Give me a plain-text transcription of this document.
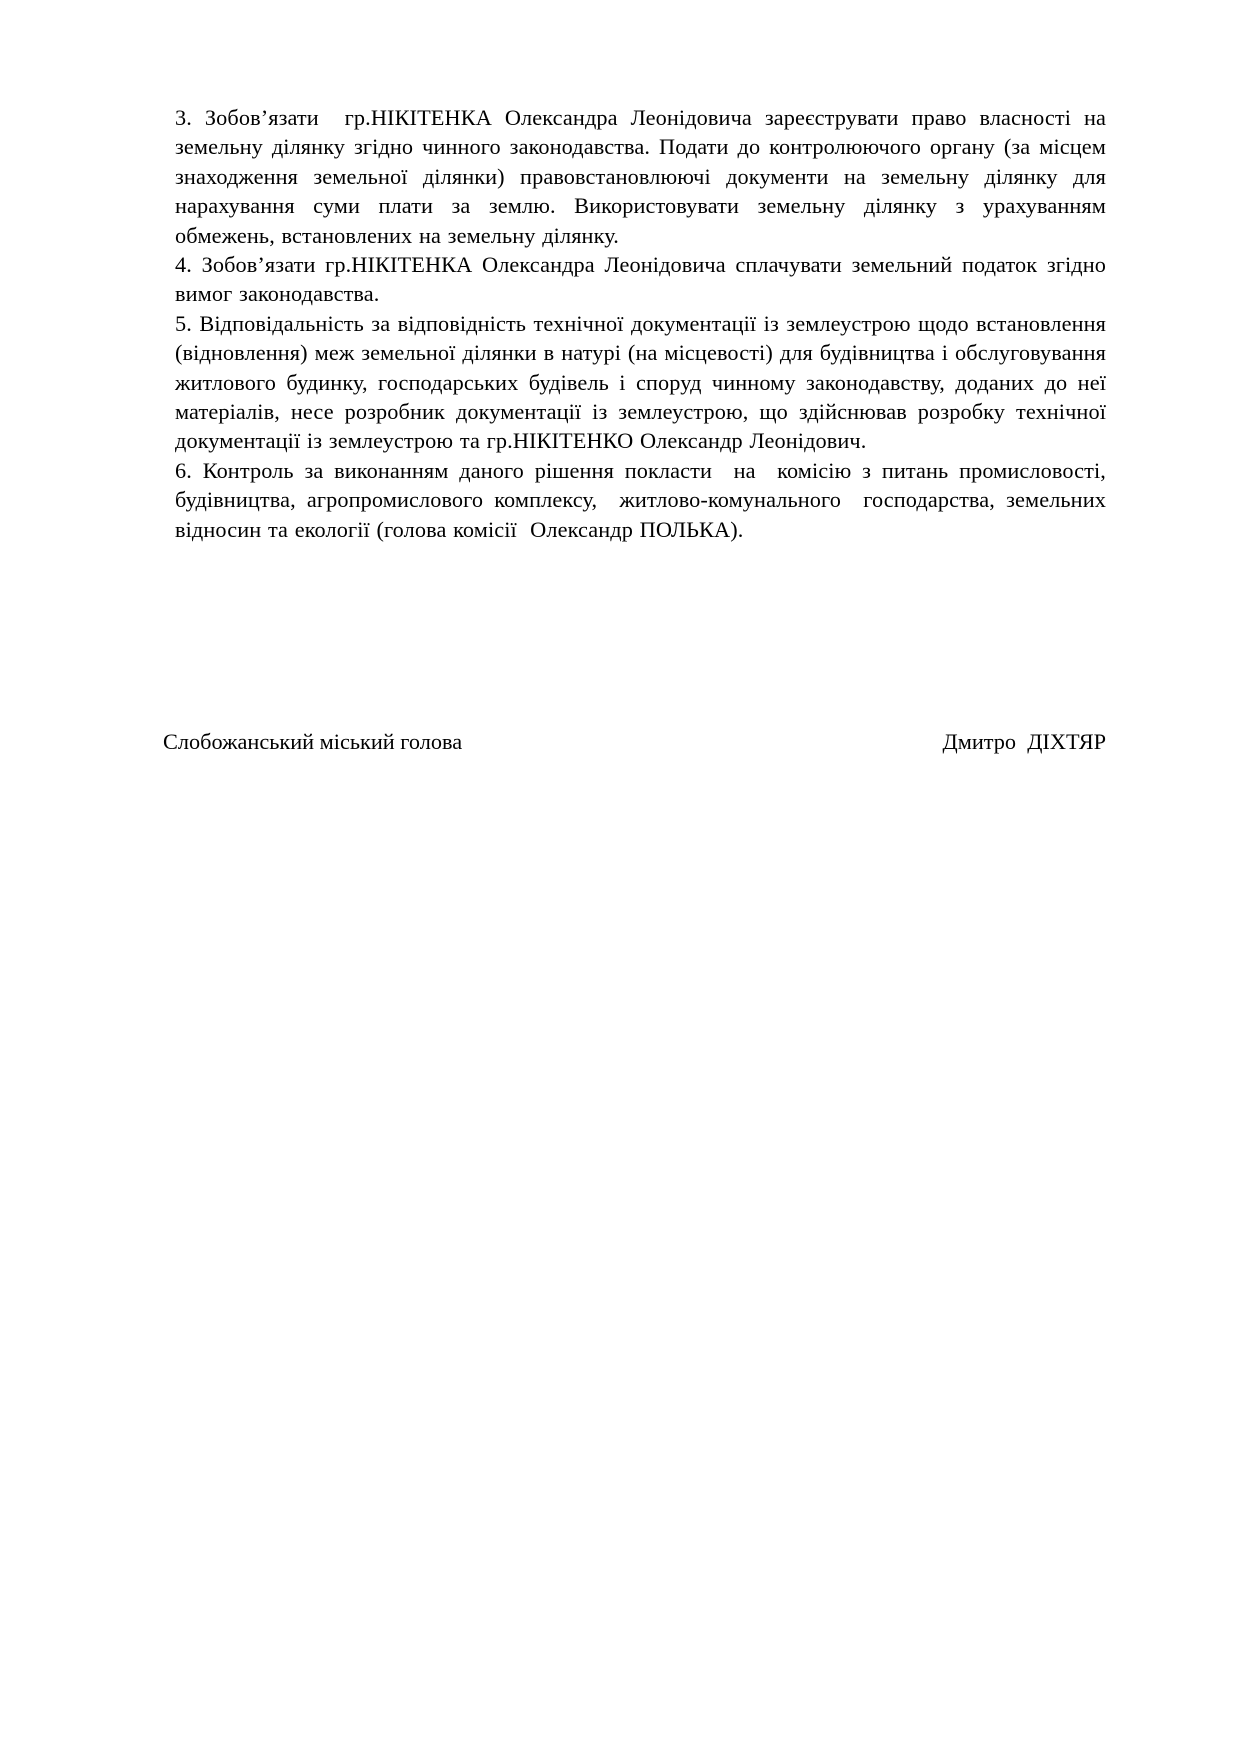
3. Зобов’язати  гр.НІКІТЕНКА Олександра Леонідовича зареєструвати право власності на земельну ділянку згідно чинного законодавства. Подати до контролюючого органу (за місцем знаходження земельної ділянки) правовстановлюючі документи на земельну ділянку для нарахування суми плати за землю. Використовувати земельну ділянку з урахуванням обмежень, встановлених на земельну ділянку.

4. Зобов’язати гр.НІКІТЕНКА Олександра Леонідовича сплачувати земельний податок згідно вимог законодавства.

5. Відповідальність за відповідність технічної документації із землеустрою щодо встановлення (відновлення) меж земельної ділянки в натурі (на місцевості) для будівництва і обслуговування житлового будинку, господарських будівель і споруд чинному законодавству, доданих до неї матеріалів, несе розробник документації із землеустрою, що здійснював розробку технічної документації із землеустрою та гр.НІКІТЕНКО Олександр Леонідович.

6. Контроль за виконанням даного рішення покласти  на  комісію з питань промисловості, будівництва, агропромислового комплексу,  житлово-комунального  господарства, земельних відносин та екології (голова комісії  Олександр ПОЛЬКА).

Слобожанський міський голова	Дмитро  ДІХТЯР
